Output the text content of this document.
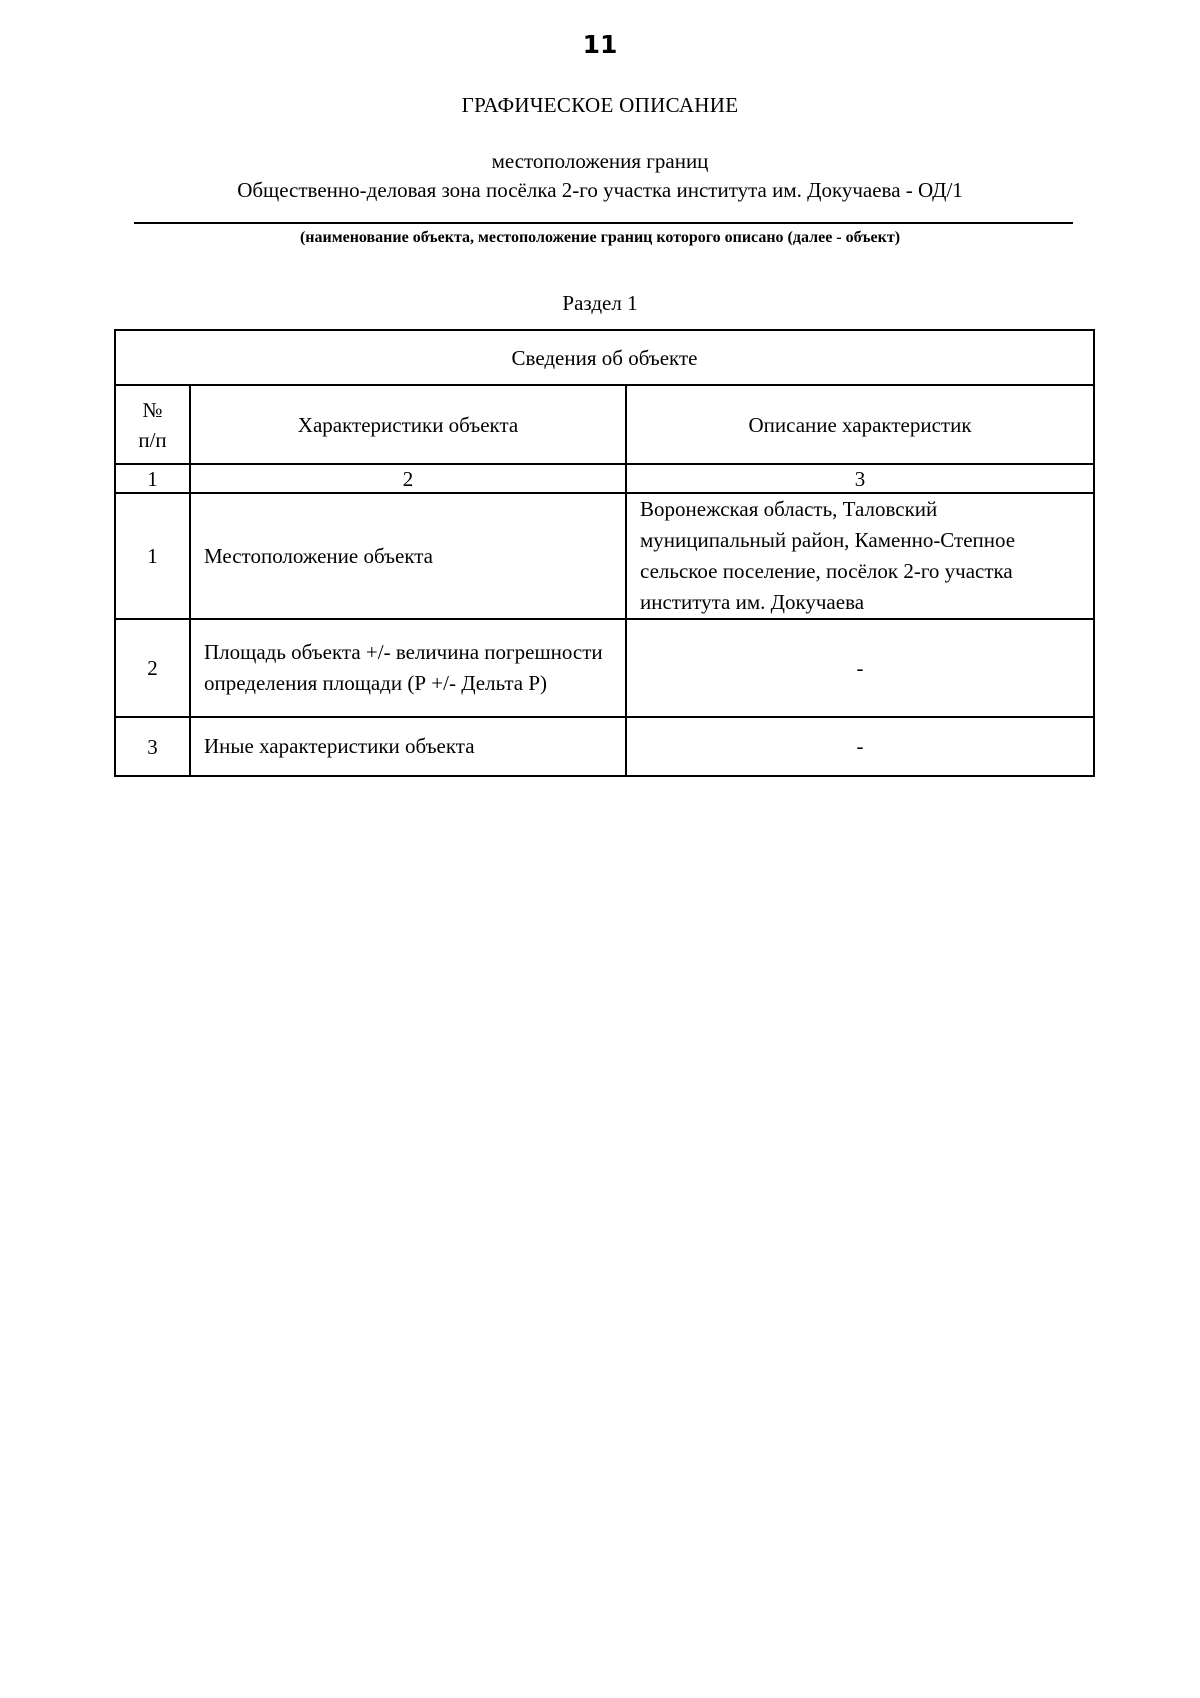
11
ГРАФИЧЕСКОЕ ОПИСАНИЕ
местоположения границ
Общественно-деловая зона посёлка 2-го участка института им. Докучаева - ОД/1
(наименование объекта, местоположение границ которого описано (далее - объект)
Раздел 1
Сведения об объекте		

№ п/п	Характеристики объекта	Описание характеристик
1	2	3
1	Местоположение объекта	Воронежская область, Таловский муниципальный район, Каменно-Степное сельское поселение, посёлок 2-го участка института им. Докучаева
2	Площадь объекта +/- величина погрешности определения площади (Р +/- Дельта Р)	-
3	Иные характеристики объекта	-
